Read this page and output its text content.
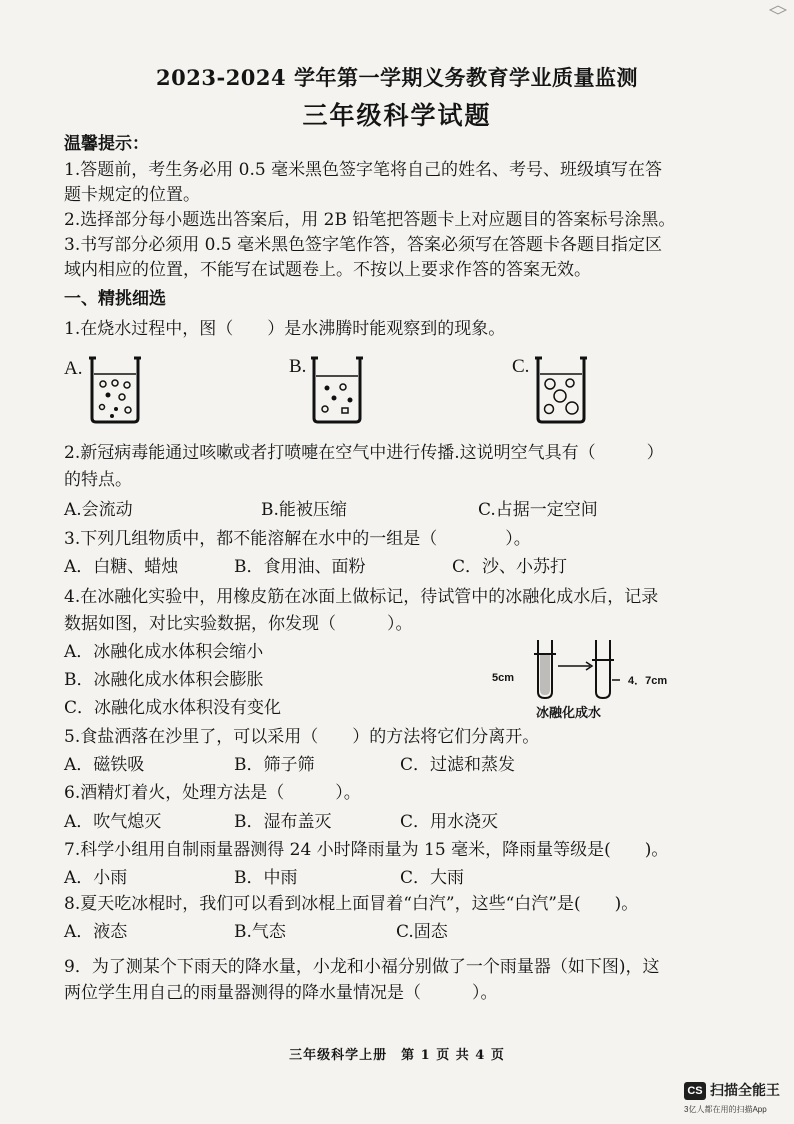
2023-2024 学年第一学期义务教育学业质量监测
三年级科学试题
温馨提示：
1.答题前，考生务必用 0.5 毫米黑色签字笔将自己的姓名、考号、班级填写在答
题卡规定的位置。
2.选择部分每小题选出答案后，用 2B 铅笔把答题卡上对应题目的答案标号涂黑。
3.书写部分必须用 0.5 毫米黑色签字笔作答，答案必须写在答题卡各题目指定区
域内相应的位置，不能写在试题卷上。不按以上要求作答的答案无效。
一、精挑细选
1.在烧水过程中，图（　　）是水沸腾时能观察到的现象。
A.	B.	C.
2.新冠病毒能通过咳嗽或者打喷嚏在空气中进行传播.这说明空气具有（　　　）
的特点。
A.会流动	B.能被压缩	C.占据一定空间
3.下列几组物质中，都不能溶解在水中的一组是（　　　　）。
A．白糖、蜡烛	B．食用油、面粉	C．沙、小苏打
4.在冰融化实验中，用橡皮筋在冰面上做标记，待试管中的冰融化成水后，记录
数据如图，对比实验数据，你发现（　　　）。
A．冰融化成水体积会缩小
B．冰融化成水体积会膨胀
C．冰融化成水体积没有变化
5cm	4．7cm
冰融化成水
5.食盐洒落在沙里了，可以采用（　　）的方法将它们分离开。
A．磁铁吸	B．筛子筛	C．过滤和蒸发
6.酒精灯着火，处理方法是（　　　）。
A．吹气熄灭	B．湿布盖灭	C．用水浇灭
7.科学小组用自制雨量器测得 24 小时降雨量为 15 毫米，降雨量等级是(　　)。
A．小雨	B．中雨	C．大雨
8.夏天吃冰棍时，我们可以看到冰棍上面冒着“白汽”，这些“白汽”是(　　)。
A．液态	B.气态	C.固态
9．为了测某个下雨天的降水量，小龙和小福分别做了一个雨量器（如下图)，这
两位学生用自己的雨量器测得的降水量情况是（　　　）。
三年级科学上册　第 1 页 共 4 页
CS 扫描全能王
3亿人都在用的扫描App
